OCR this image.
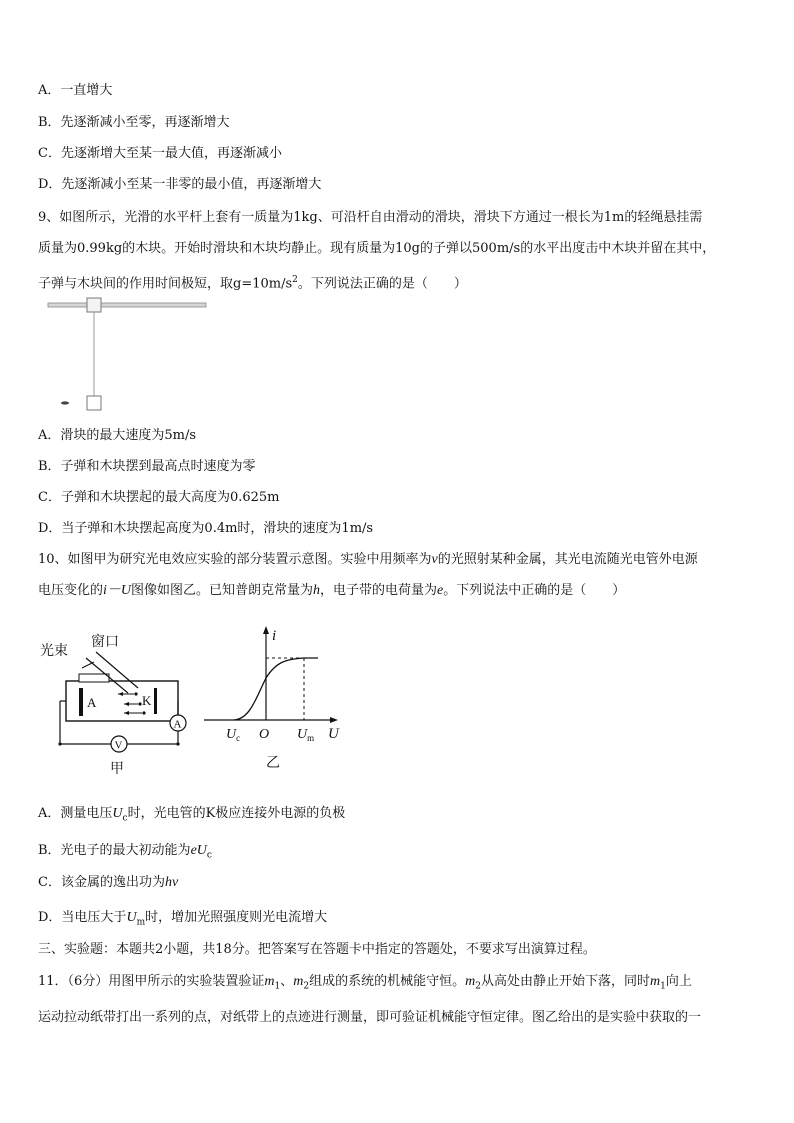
A．一直增大
B．先逐渐减小至零，再逐渐增大
C．先逐渐增大至某一最大值，再逐渐减小
D．先逐渐减小至某一非零的最小值，再逐渐增大
9、如图所示，光滑的水平杆上套有一质量为1kg、可沿杆自由滑动的滑块，滑块下方通过一根长为1m的轻绳悬挂需
质量为0.99kg的木块。开始时滑块和木块均静止。现有质量为10g的子弹以500m/s的水平出度击中木块并留在其中，
子弹与木块间的作用时间极短，取$g=10m/s^2$。下列说法正确的是（　　）
A．滑块的最大速度为5m/s
B．子弹和木块摆到最高点时速度为零
C．子弹和木块摆起的最大高度为0.625m
D．当子弹和木块摆起高度为0.4m时，滑块的速度为1m/s
10、如图甲为研究光电效应实验的部分装置示意图。实验中用频率为ν的光照射某种金属，其光电流随光电管外电源
电压变化的i－U图像如图乙。已知普朗克常量为h，电子带的电荷量为e。下列说法中正确的是（　　）
光束
窗口
A	K
A
V
甲
i
U
$U_c$ O $U_m$
乙
A．测量电压$U_c$时，光电管的K极应连接外电源的负极
B．光电子的最大初动能为$eU_c$
C．该金属的逸出功为hν
D．当电压大于$U_m$时，增加光照强度则光电流增大
三、实验题：本题共2小题，共18分。把答案写在答题卡中指定的答题处，不要求写出演算过程。
11．（6分）用图甲所示的实验装置验证$m_1$、$m_2$组成的系统的机械能守恒。$m_2$从高处由静止开始下落，同时$m_1$向上
运动拉动纸带打出一系列的点，对纸带上的点迹进行测量，即可验证机械能守恒定律。图乙给出的是实验中获取的一
